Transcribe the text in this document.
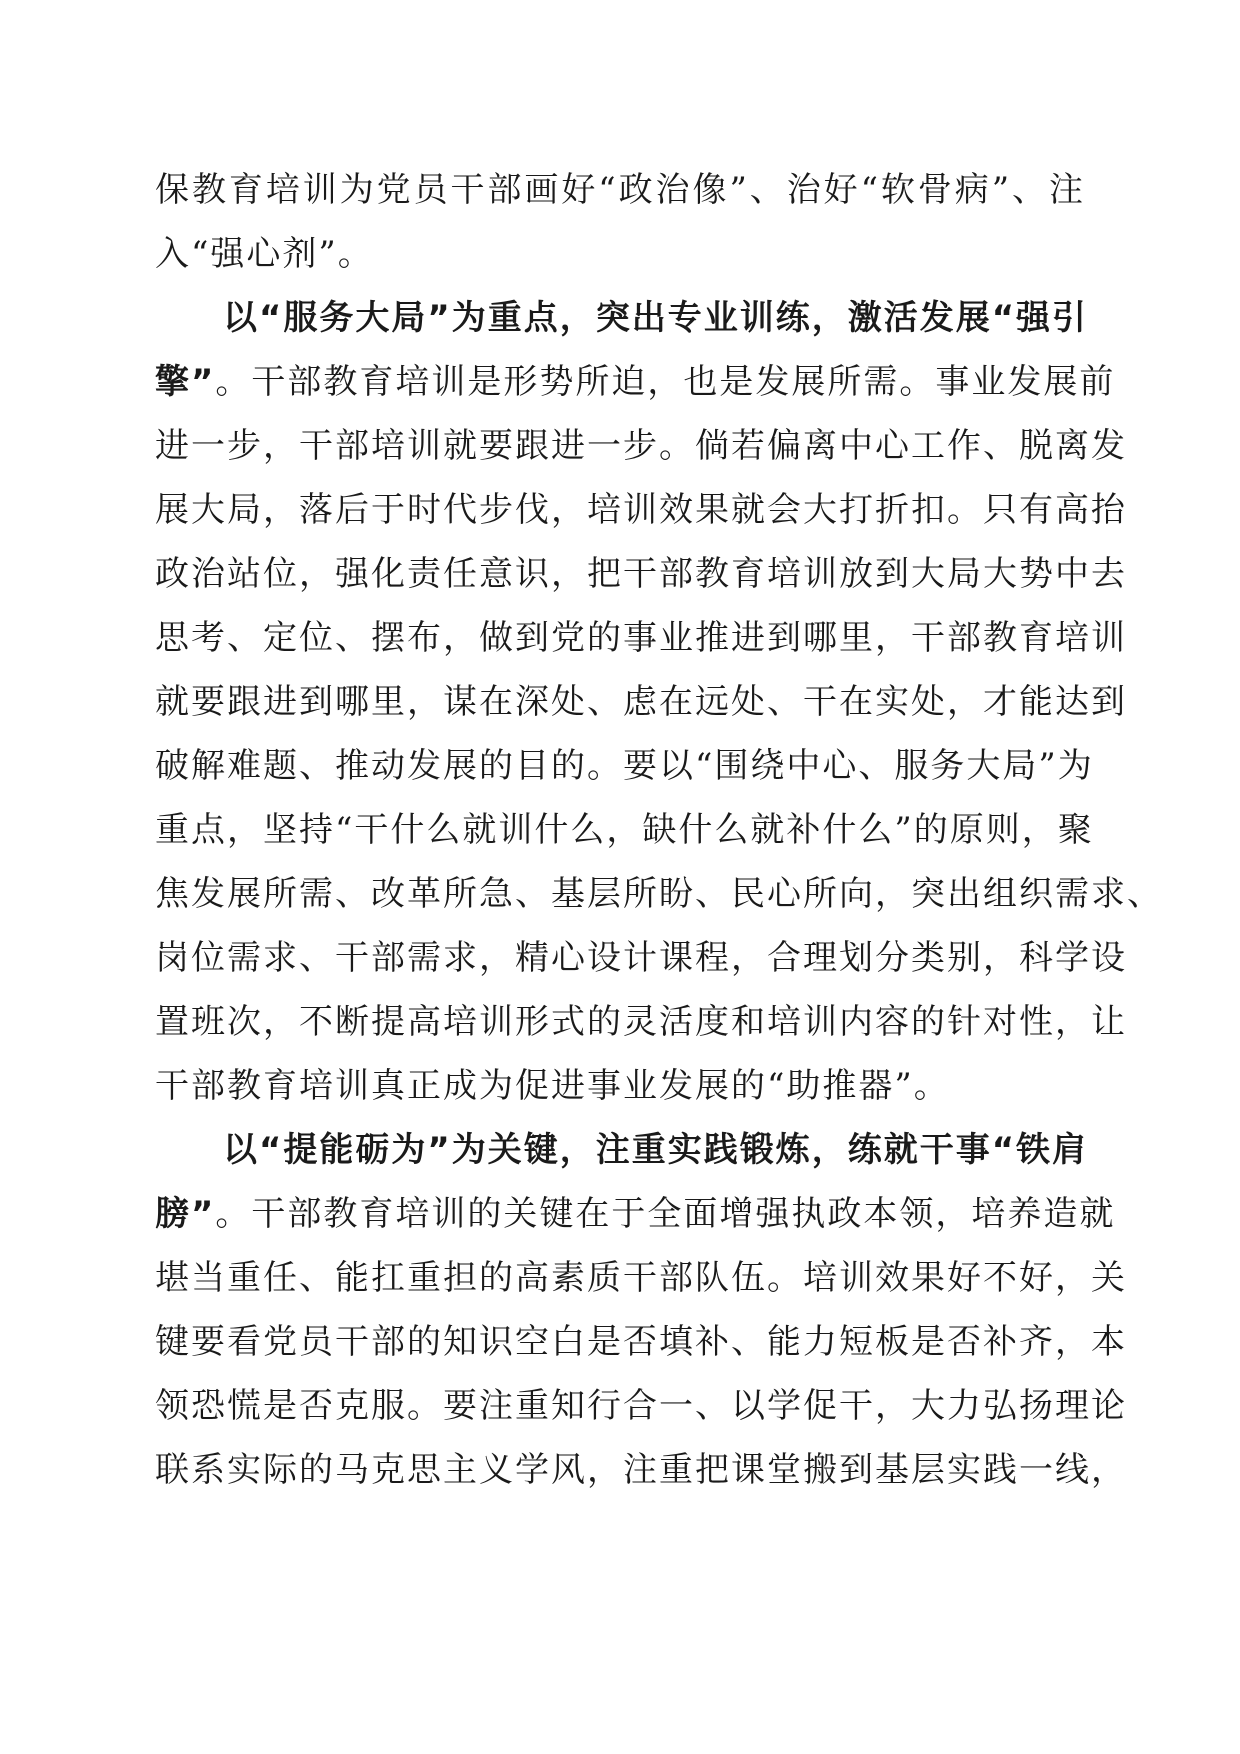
保教育培训为党员干部画好“政治像”、治好“软骨病”、注
入“强心剂”。
以“服务大局”为重点，突出专业训练，激活发展“强引
擎”。干部教育培训是形势所迫，也是发展所需。事业发展前
进一步，干部培训就要跟进一步。倘若偏离中心工作、脱离发
展大局，落后于时代步伐，培训效果就会大打折扣。只有高抬
政治站位，强化责任意识，把干部教育培训放到大局大势中去
思考、定位、摆布，做到党的事业推进到哪里，干部教育培训
就要跟进到哪里，谋在深处、虑在远处、干在实处，才能达到
破解难题、推动发展的目的。要以“围绕中心、服务大局”为
重点，坚持“干什么就训什么，缺什么就补什么”的原则，聚
焦发展所需、改革所急、基层所盼、民心所向，突出组织需求、
岗位需求、干部需求，精心设计课程，合理划分类别，科学设
置班次，不断提高培训形式的灵活度和培训内容的针对性，让
干部教育培训真正成为促进事业发展的“助推器”。
以“提能砺为”为关键，注重实践锻炼，练就干事“铁肩
膀”。干部教育培训的关键在于全面增强执政本领，培养造就
堪当重任、能扛重担的高素质干部队伍。培训效果好不好，关
键要看党员干部的知识空白是否填补、能力短板是否补齐，本
领恐慌是否克服。要注重知行合一、以学促干，大力弘扬理论
联系实际的马克思主义学风，注重把课堂搬到基层实践一线，
